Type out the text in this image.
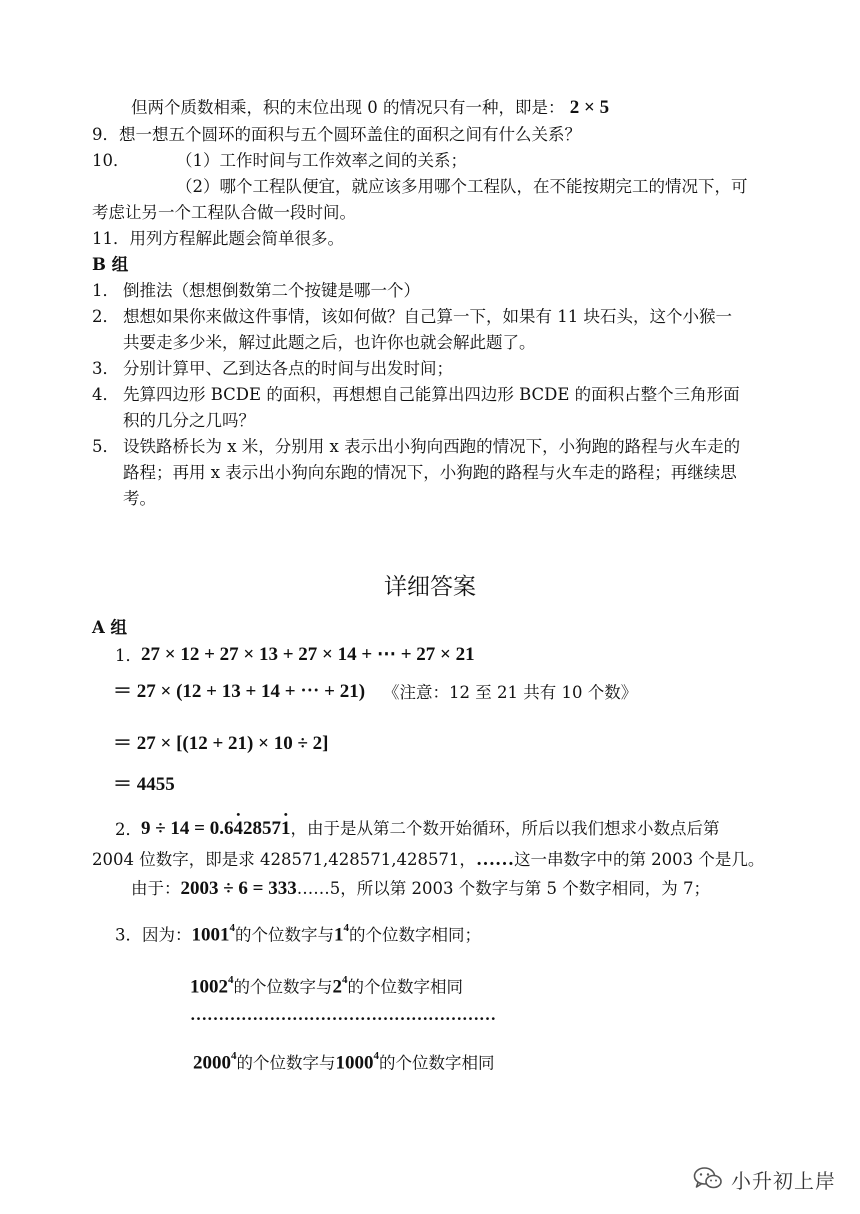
但两个质数相乘，积的末位出现 0 的情况只有一种，即是： 2 × 5
9．想一想五个圆环的面积与五个圆环盖住的面积之间有什么关系？
10．	（1）工作时间与工作效率之间的关系；
（2）哪个工程队便宜，就应该多用哪个工程队，在不能按期完工的情况下，可
考虑让另一个工程队合做一段时间。
11．用列方程解此题会简单很多。
B 组
1． 倒推法（想想倒数第二个按键是哪一个）
2． 想想如果你来做这件事情，该如何做？自己算一下，如果有 11 块石头，这个小猴一
共要走多少米，解过此题之后，也许你也就会解此题了。
3． 分别计算甲、乙到达各点的时间与出发时间；
4． 先算四边形 BCDE 的面积，再想想自己能算出四边形 BCDE 的面积占整个三角形面
积的几分之几吗？
5． 设铁路桥长为 x 米，分别用 x 表示出小狗向西跑的情况下，小狗跑的路程与火车走的
路程；再用 x 表示出小狗向东跑的情况下，小狗跑的路程与火车走的路程；再继续思
考。
详细答案
A 组
1． 27 × 12 + 27 × 13 + 27 × 14 + ⋯ + 27 × 21
＝ 27 × (12 + 13 + 14 + ⋯ + 21) 《注意：12 至 21 共有 10 个数》
＝ 27 × [(12 + 21) × 10 ÷ 2]
＝ 4455
2． 9 ÷ 14 = 0.6• 42857• 1，由于是从第二个数开始循环，所后以我们想求小数点后第
2004 位数字，即是求 428571,428571,428571，……这一串数字中的第 2003 个是几。
由于：2003 ÷ 6 = 333……5，所以第 2003 个数字与第 5 个数字相同，为 7；
3．因为：1001$^4$的个位数字与$1^4$的个位数字相同；
1002$^4$的个位数字与$2^4$的个位数字相同
………………………………………………
2000$^4$的个位数字与1000$^4$的个位数字相同
小升初上岸
